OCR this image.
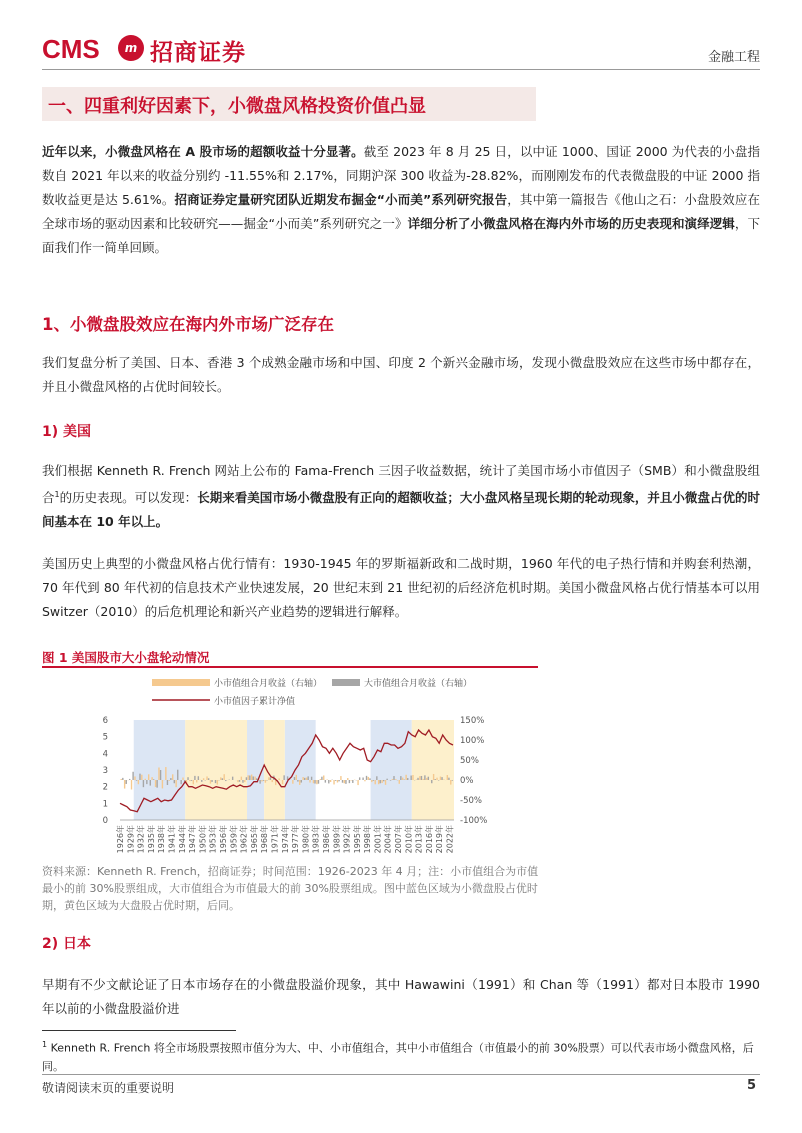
CMS	m 招商证券	金融工程
一、四重利好因素下，小微盘风格投资价值凸显
近年以来，小微盘风格在 A 股市场的超额收益十分显著。截至 2023 年 8 月 25 日，以中证 1000、国证 2000 为代表的小盘指数自 2021 年以来的收益分别约 -11.55%和 2.17%，同期沪深 300 收益为-28.82%，而刚刚发布的代表微盘股的中证 2000 指数收益更是达 5.61%。招商证券定量研究团队近期发布掘金“小而美”系列研究报告，其中第一篇报告《他山之石：小盘股效应在全球市场的驱动因素和比较研究——掘金“小而美”系列研究之一》详细分析了小微盘风格在海内外市场的历史表现和演绎逻辑，下面我们作一简单回顾。
1、小微盘股效应在海内外市场广泛存在
我们复盘分析了美国、日本、香港 3 个成熟金融市场和中国、印度 2 个新兴金融市场，发现小微盘股效应在这些市场中都存在，并且小微盘风格的占优时间较长。
1) 美国
我们根据 Kenneth R. French 网站上公布的 Fama-French 三因子收益数据，统计了美国市场小市值因子（SMB）和小微盘股组合$^1$的历史表现。可以发现：长期来看美国市场小微盘股有正向的超额收益；大小盘风格呈现长期的轮动现象，并且小微盘占优的时间基本在 10 年以上。
美国历史上典型的小微盘风格占优行情有：1930-1945 年的罗斯福新政和二战时期，1960 年代的电子热行情和并购套利热潮，70 年代到 80 年代初的信息技术产业快速发展，20 世纪末到 21 世纪初的后经济危机时期。美国小微盘风格占优行情基本可以用 Switzer（2010）的后危机理论和新兴产业趋势的逻辑进行解释。
图 1 美国股市大小盘轮动情况
小市值组合月收益（右轴）	大市值组合月收益（右轴）
小市值因子累计净值
0
1
2
3
4
5
6
-100%
-50%
0%
50%
100%
150%
1926年 1929年 1932年 1935年 1938年 1941年 1944年 1947年 1950年 1953年 1956年 1959年 1962年 1965年 1968年 1971年 1974年 1977年 1980年 1983年 1986年 1989年 1992年 1995年 1998年 2001年 2004年 2007年 2010年 2013年 2016年 2019年 2022年
资料来源：Kenneth R. French，招商证券；时间范围：1926-2023 年 4 月；注：小市值组合为市值最小的前 30%股票组成，大市值组合为市值最大的前 30%股票组成。图中蓝色区域为小微盘股占优时期，黄色区域为大盘股占优时期，后同。
2) 日本
早期有不少文献论证了日本市场存在的小微盘股溢价现象，其中 Hawawini（1991）和 Chan 等（1991）都对日本股市 1990 年以前的小微盘股溢价进
$^1$ Kenneth R. French 将全市场股票按照市值分为大、中、小市值组合，其中小市值组合（市值最小的前 30%股票）可以代表市场小微盘风格，后同。
敬请阅读末页的重要说明	5
